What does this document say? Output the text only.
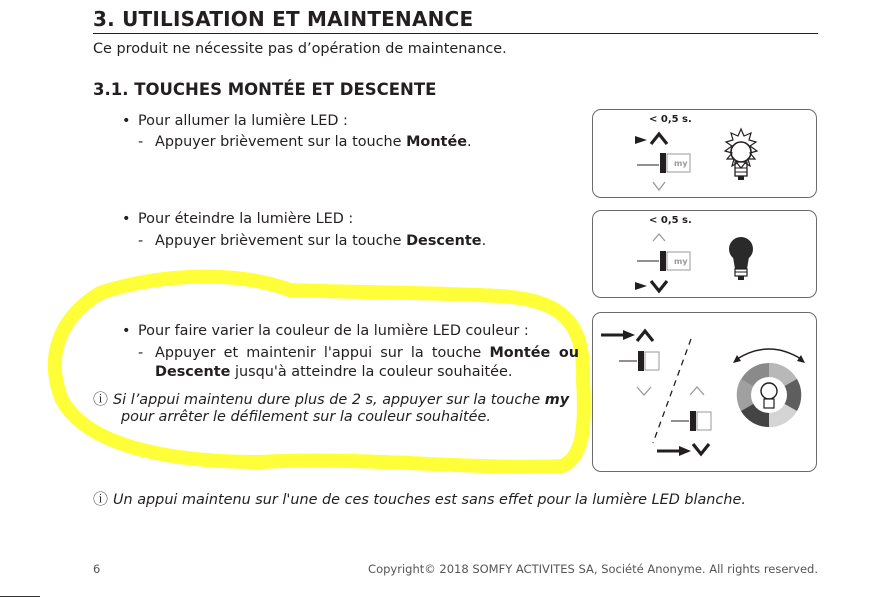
3. UTILISATION ET MAINTENANCE
Ce produit ne nécessite pas d’opération de maintenance.
3.1. TOUCHES MONTÉE ET DESCENTE
• Pour allumer la lumière LED :
- Appuyer brièvement sur la touche Montée.
• Pour éteindre la lumière LED :
- Appuyer brièvement sur la touche Descente.
• Pour faire varier la couleur de la lumière LED couleur :
- Appuyer et maintenir l'appui sur la touche Montée ou
Descente jusqu'à atteindre la couleur souhaitée.
ⓘ Si l’appui maintenu dure plus de 2 s, appuyer sur la touche my
pour arrêter le défilement sur la couleur souhaitée.
< 0,5 s.
my
< 0,5 s.
my
ⓘ Un appui maintenu sur l'une de ces touches est sans effet pour la lumière LED blanche.
6	Copyright© 2018 SOMFY ACTIVITES SA, Société Anonyme. All rights reserved.
